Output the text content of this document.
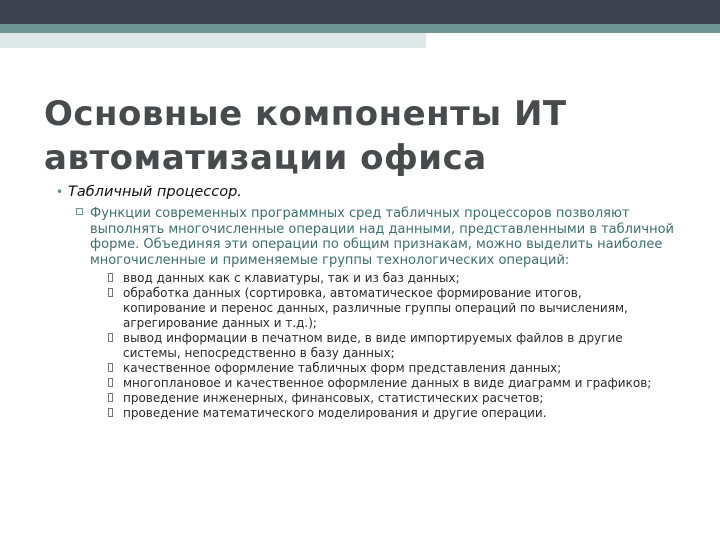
Основные компоненты ИТ
автоматизации офиса
• Табличный процессор.
Функции современных программных сред табличных процессоров позволяют выполнять многочисленные операции над данными, представленными в табличной форме. Объединяя эти операции по общим признакам, можно выделить наиболее многочисленные и применяемые группы технологических операций:
ввод данных как с клавиатуры, так и из баз данных;
обработка данных (сортировка, автоматическое формирование итогов, копирование и перенос данных, различные группы операций по вычислениям, агрегирование данных и т.д.);
вывод информации в печатном виде, в виде импортируемых файлов в другие системы, непосредственно в базу данных;
качественное оформление табличных форм представления данных;
многоплановое и качественное оформление данных в виде диаграмм и графиков;
проведение инженерных, финансовых, статистических расчетов;
проведение математического моделирования и другие операции.
